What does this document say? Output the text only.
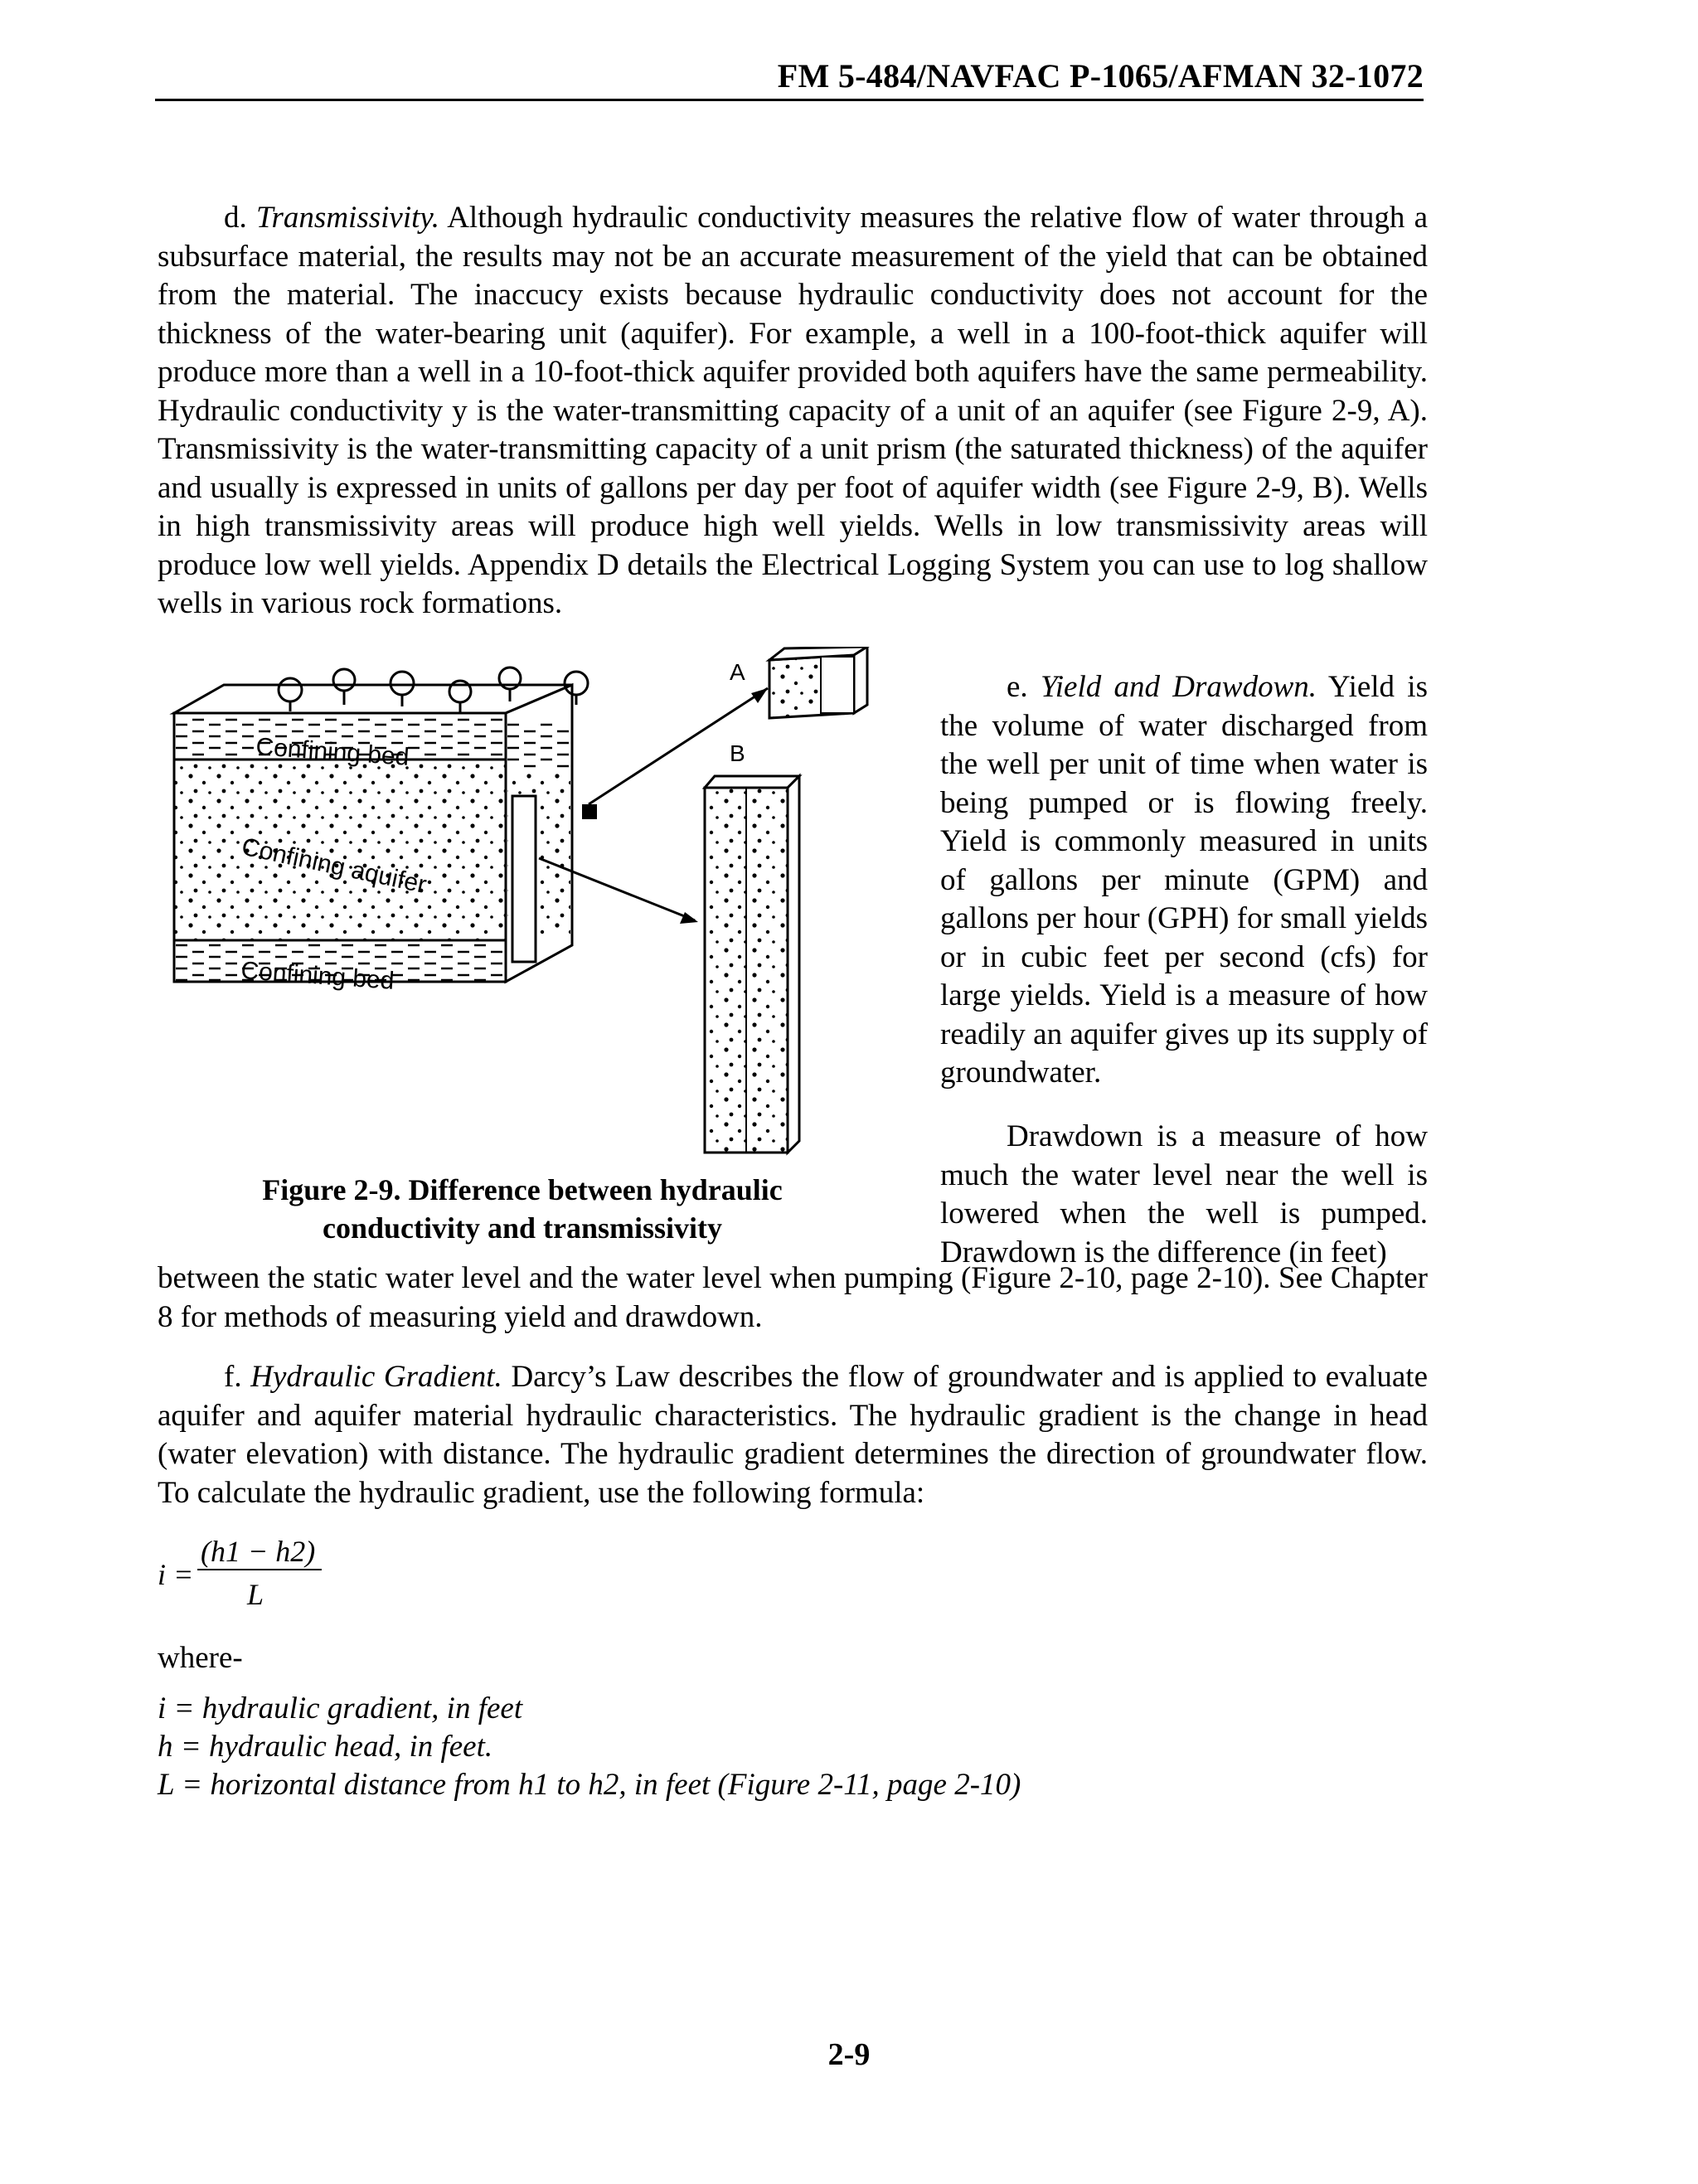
FM 5-484/NAVFAC P-1065/AFMAN 32-1072

d. Transmissivity. Although hydraulic conductivity measures the relative flow of water through a subsurface material, the results may not be an accurate measurement of the yield that can be obtained from the material. The inaccucy exists because hydraulic conductivity does not account for the thickness of the water-bearing unit (aquifer). For example, a well in a 100-foot-thick aquifer will produce more than a well in a 10-foot-thick aquifer provided both aquifers have the same permeability. Hydraulic conductivity y is the water-transmitting capacity of a unit of an aquifer (see Figure 2-9, A). Transmissivity is the water-transmitting capacity of a unit prism (the saturated thickness) of the aquifer and usually is expressed in units of gallons per day per foot of aquifer width (see Figure 2-9, B). Wells in high transmissivity areas will produce high well yields. Wells in low transmissivity areas will produce low well yields. Appendix D details the Electrical Logging System you can use to log shallow wells in various rock formations.

Confining bed
Confining aquifer
Confining bed
A
B
Figure 2-9. Difference between hydraulic
conductivity and transmissivity

e. Yield and Drawdown. Yield is the volume of water discharged from the well per unit of time when water is being pumped or is flowing freely. Yield is commonly measured in units of gallons per minute (GPM) and gallons per hour (GPH) for small yields or in cubic feet per second (cfs) for large yields. Yield is a measure of how readily an aquifer gives up its supply of groundwater.

Drawdown is a measure of how much the water level near the well is lowered when the well is pumped. Drawdown is the difference (in feet)

between the static water level and the water level when pumping (Figure 2-10, page 2-10). See Chapter 8 for methods of measuring yield and drawdown.

f. Hydraulic Gradient. Darcy’s Law describes the flow of groundwater and is applied to evaluate aquifer and aquifer material hydraulic characteristics. The hydraulic gradient is the change in head (water elevation) with distance. The hydraulic gradient determines the direction of groundwater flow. To calculate the hydraulic gradient, use the following formula:

i =
(h1 − h2)
L
where-
i = hydraulic gradient, in feet
h = hydraulic head, in feet.
L = horizontal distance from h1 to h2, in feet (Figure 2-11, page 2-10)
2-9
